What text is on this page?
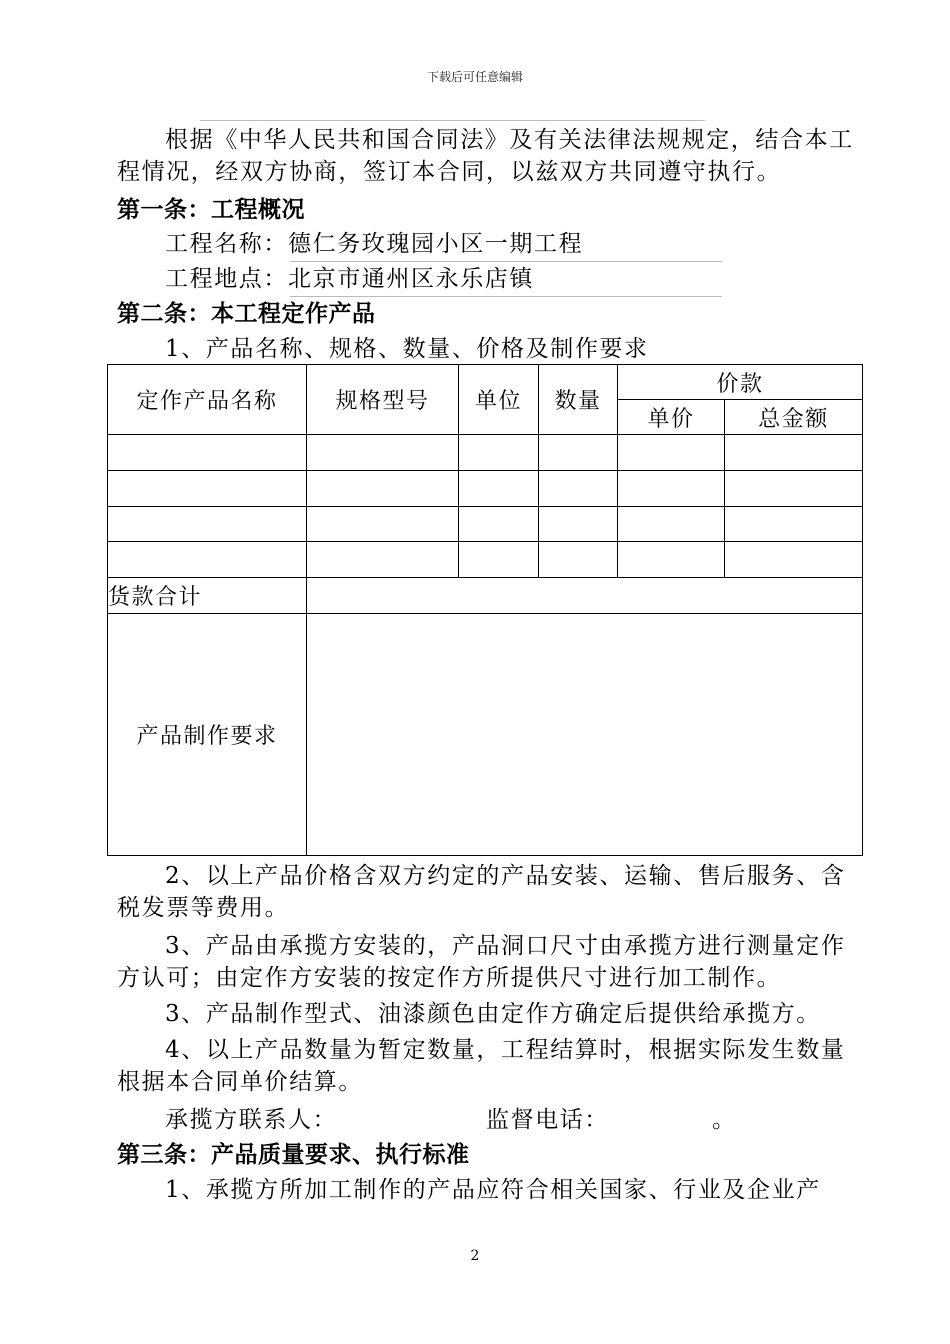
下载后可任意编辑
根据《中华人民共和国合同法》及有关法律法规规定，结合本工程情况，经双方协商，签订本合同，以兹双方共同遵守执行。
第一条：工程概况
工程名称：德仁务玫瑰园小区一期工程
工程地点：北京市通州区永乐店镇
第二条：本工程定作产品
1、产品名称、规格、数量、价格及制作要求
定作产品名称	规格型号	单位	数量	价款	
				单价	总金额

货款合计					
产品制作要求					
2、以上产品价格含双方约定的产品安装、运输、售后服务、含税发票等费用。
3、产品由承揽方安装的，产品洞口尺寸由承揽方进行测量定作方认可；由定作方安装的按定作方所提供尺寸进行加工制作。
3、产品制作型式、油漆颜色由定作方确定后提供给承揽方。
4、以上产品数量为暂定数量，工程结算时，根据实际发生数量根据本合同单价结算。
承揽方联系人：	监督电话：	。
第三条：产品质量要求、执行标准
1、承揽方所加工制作的产品应符合相关国家、行业及企业产
2
